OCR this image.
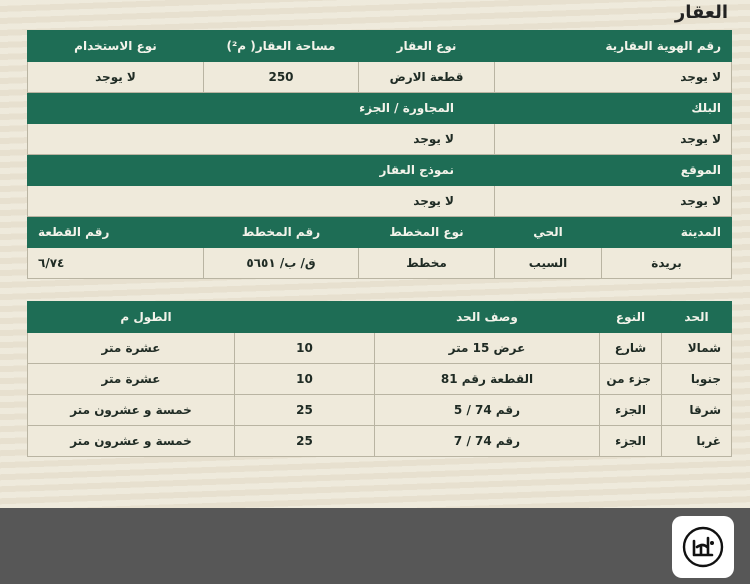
العقار
رقم الهوية العقارية		نوع العقار	مساحة العقار( م²)	نوع الاستخدام
لا يوجد		قطعة الارض	250	لا يوجد
البلك		المجاورة / الجزء		
لا يوجد		لا يوجد		
الموقع		نموذج العقار		
لا يوجد		لا يوجد		
المدينة	الحي	نوع المخطط	رقم المخطط	رقم القطعة
بريدة	السيب	مخطط	ق/ ب/ ٥٦٥١	٦/٧٤
الحد	النوع	وصف الحد	الطول م	
شمالا	شارع	عرض 15 متر	10	عشرة متر
جنوبا	جزء من	القطعة رقم 81	10	عشرة متر
شرقا	الجزء	رقم 74 / 5	25	خمسة و عشرون متر
غربا	الجزء	رقم 74 / 7	25	خمسة و عشرون متر
